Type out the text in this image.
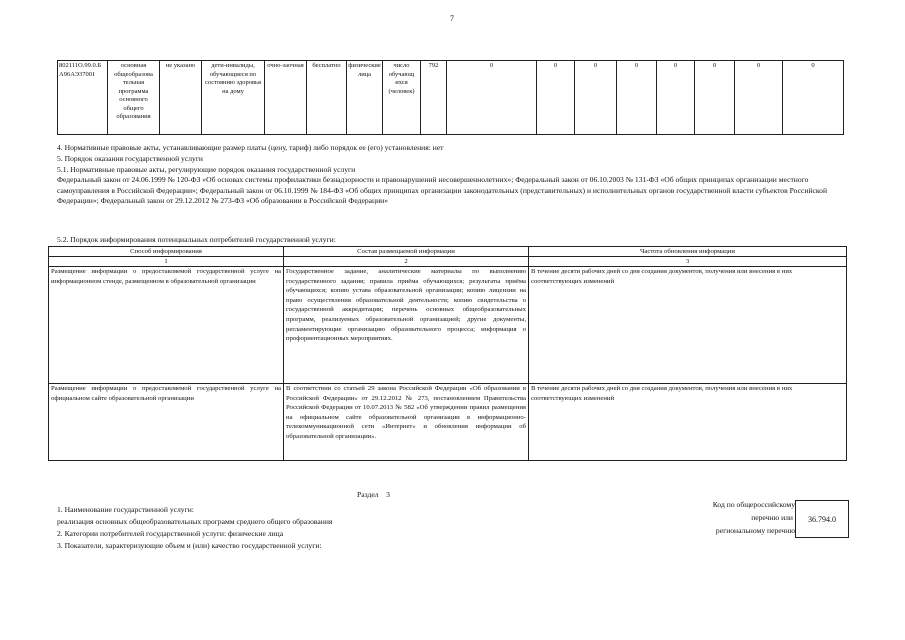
7
802111О.99.0.Б А96АЭ37001	основная общеобразова тельная программа основного общего образования	не указано	дети-инвалиды, обучающиеся по состоянию здоровья на дому	очно-заочная	бесплатно	физические лица	число обучающ ихся (человек)	792	0	0	0	0	0	0	0	0
4. Нормативные правовые акты, устанавливающие размер платы (цену, тариф) либо порядок ее (его) установления: нет
5. Порядок оказания государственной услуги
5.1. Нормативные правовые акты, регулирующие порядок оказания государственной услуги
Федеральный закон от 24.06.1999 № 120-ФЗ «Об основах системы профилактики безнадзорности и правонарушений несовершеннолетних»; Федеральный закон от 06.10.2003 № 131-ФЗ «Об общих принципах организации местного самоуправления в Российской Федерации»; Федеральный закон от 06.10.1999 № 184-ФЗ «Об общих принципах организации законодательных (представительных) и исполнительных органов государственной власти субъектов Российской Федерации»; Федеральный закон от 29.12.2012 № 273-ФЗ «Об образовании в Российской Федерации»
5.2. Порядок информирования потенциальных потребителей государственной услуги:
Способ информирования	Состав размещаемой информации	Частота обновления информации
1	2	3
Размещение информации о предоставляемой государственной услуге на информационном стенде, размещенном в образовательной организации	Государственное задание, аналитические материалы по выполнению государственного задания; правила приёма обучающихся; результаты приёма обучающихся; копию устава образовательной организации; копию лицензии на право осуществления образовательной деятельности; копию свидетельства о государственной аккредитации; перечень основных общеобразовательных программ, реализуемых образовательной организацией; другие документы, регламентирующие организацию образовательного процесса; информация о профориентационных мероприятиях.	В течение десяти рабочих дней со дня создания документов, получения или внесения в них соответствующих изменений
Размещение информации о предоставляемой государственной услуге на официальном сайте образовательной организации	В соответствии со статьей 29 закона Российской Федерации «Об образовании в Российской Федерации» от 29.12.2012 № 273, постановлением Правительства Российской Федерации от 10.07.2013 № 582 «Об утверждении правил размещения на официальном сайте образовательной организации в информационно-телекоммуникационной сети «Интернет» и обновления информации об образовательной организации».	В течение десяти рабочих дней со дня создания документов, получения или внесения в них соответствующих изменений
Раздел    3
1. Наименование государственной услуги:
реализация основных общеобразовательных программ среднего общего образования
2. Категории потребителей государственной услуги: физические лица
3. Показатели, характеризующие объем и (или) качество государственной услуги:
Код по общероссийскому
перечню или
региональному перечню
36.794.0
